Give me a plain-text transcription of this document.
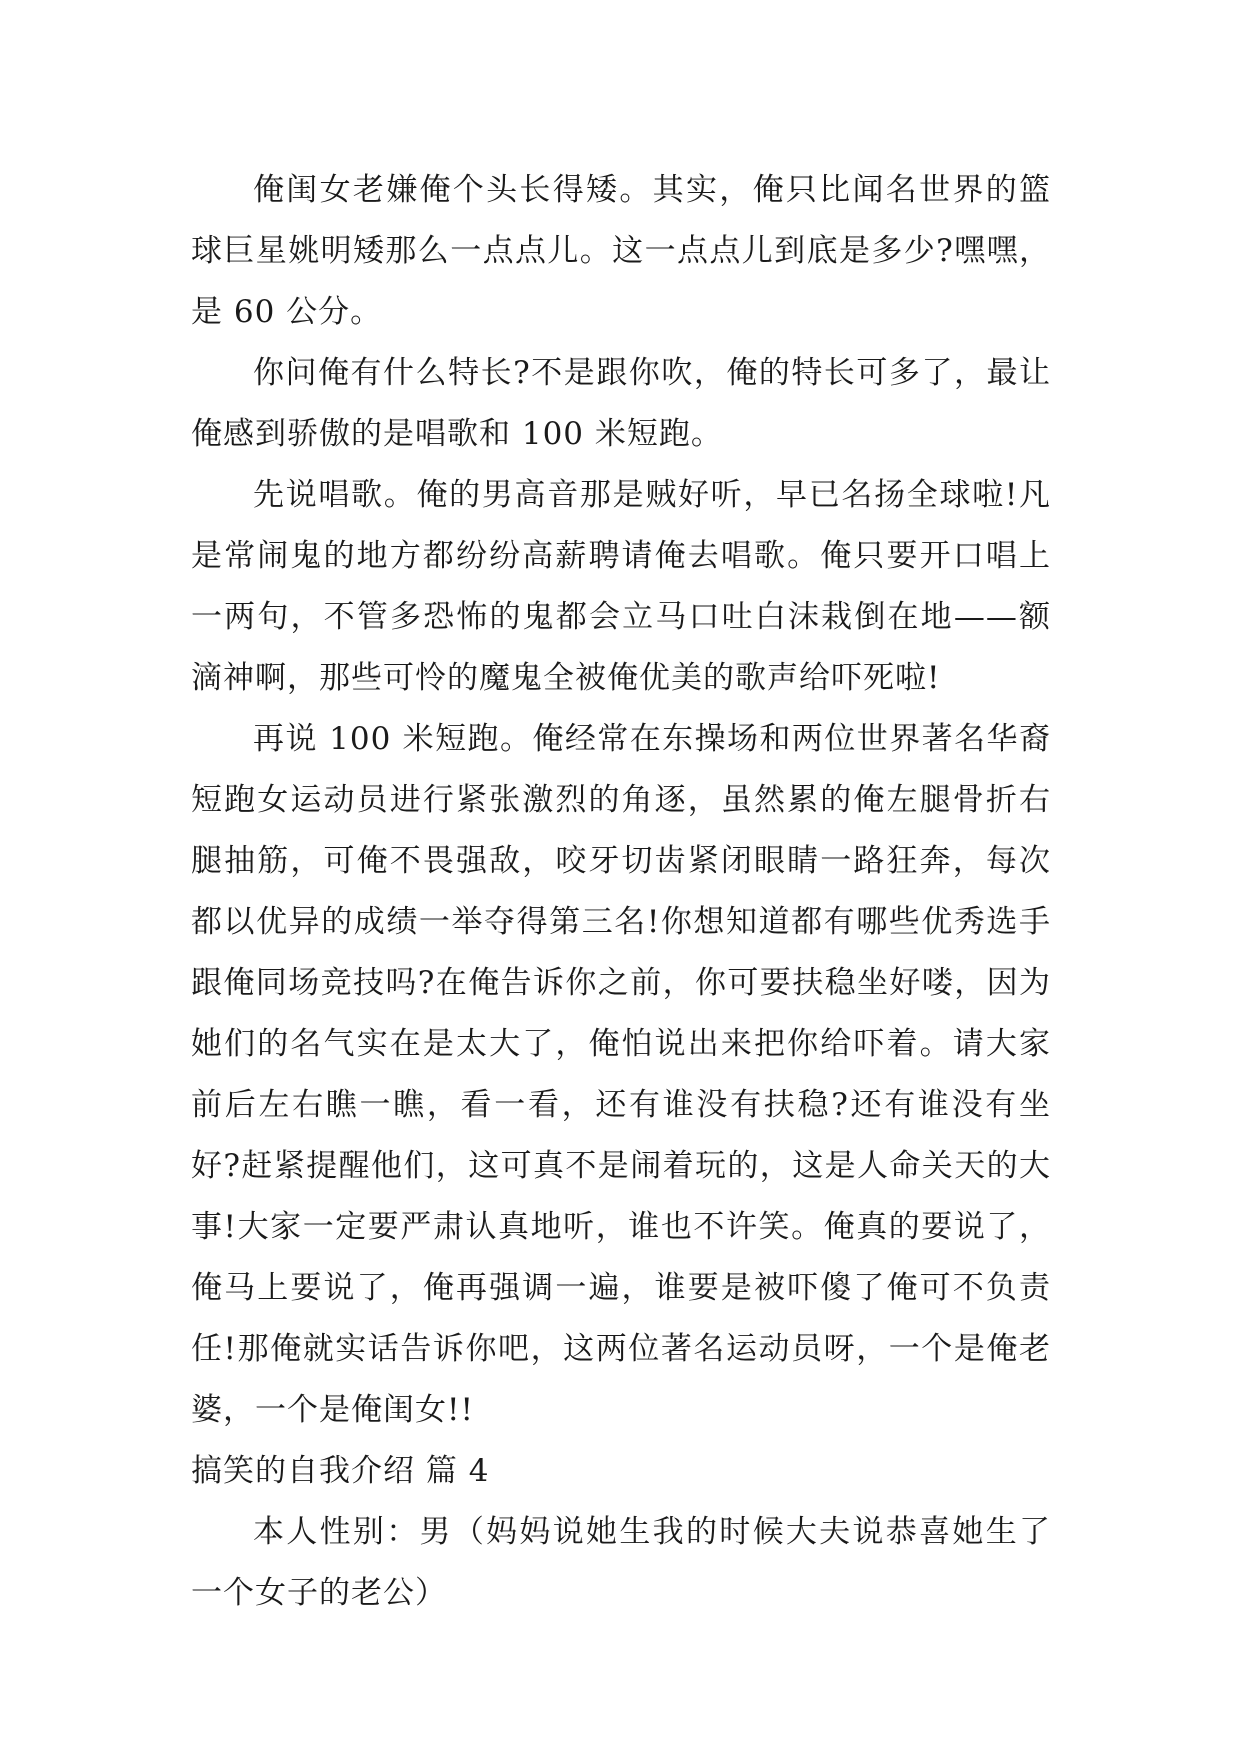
俺闺女老嫌俺个头长得矮。其实，俺只比闻名世界的篮球巨星姚明矮那么一点点儿。这一点点儿到底是多少?嘿嘿，是 60 公分。

你问俺有什么特长?不是跟你吹，俺的特长可多了，最让俺感到骄傲的是唱歌和 100 米短跑。

先说唱歌。俺的男高音那是贼好听，早已名扬全球啦!凡是常闹鬼的地方都纷纷高薪聘请俺去唱歌。俺只要开口唱上一两句，不管多恐怖的鬼都会立马口吐白沫栽倒在地——额滴神啊，那些可怜的魔鬼全被俺优美的歌声给吓死啦!

再说 100 米短跑。俺经常在东操场和两位世界著名华裔短跑女运动员进行紧张激烈的角逐，虽然累的俺左腿骨折右腿抽筋，可俺不畏强敌，咬牙切齿紧闭眼睛一路狂奔，每次都以优异的成绩一举夺得第三名!你想知道都有哪些优秀选手跟俺同场竞技吗?在俺告诉你之前，你可要扶稳坐好喽，因为她们的名气实在是太大了，俺怕说出来把你给吓着。请大家前后左右瞧一瞧，看一看，还有谁没有扶稳?还有谁没有坐好?赶紧提醒他们，这可真不是闹着玩的，这是人命关天的大事!大家一定要严肃认真地听，谁也不许笑。俺真的要说了，俺马上要说了，俺再强调一遍，谁要是被吓傻了俺可不负责任!那俺就实话告诉你吧，这两位著名运动员呀，一个是俺老婆，一个是俺闺女!!

搞笑的自我介绍 篇 4

本人性别：男（妈妈说她生我的时候大夫说恭喜她生了一个女子的老公）
